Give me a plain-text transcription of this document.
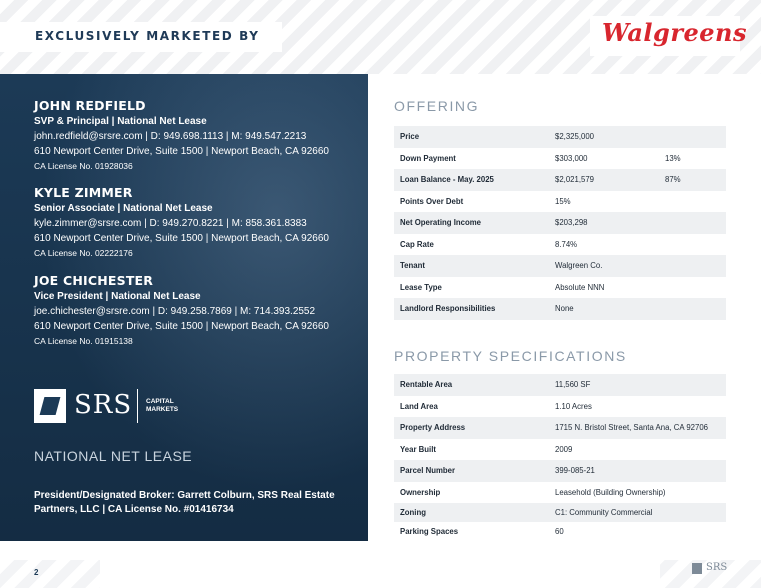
EXCLUSIVELY MARKETED BY	Walgreens
JOHN REDFIELD
SVP & Principal | National Net Lease
john.redfield@srsre.com | D: 949.698.1113 | M: 949.547.2213
610 Newport Center Drive, Suite 1500 | Newport Beach, CA 92660
CA License No. 01928036
KYLE ZIMMER
Senior Associate | National Net Lease
kyle.zimmer@srsre.com | D: 949.270.8221 | M: 858.361.8383
610 Newport Center Drive, Suite 1500 | Newport Beach, CA 92660
CA License No. 02222176
JOE CHICHESTER
Vice President | National Net Lease
joe.chichester@srsre.com | D: 949.258.7869 | M: 714.393.2552
610 Newport Center Drive, Suite 1500 | Newport Beach, CA 92660
CA License No. 01915138
SRS CAPITAL
MARKETS
NATIONAL NET LEASE
President/Designated Broker: Garrett Colburn, SRS Real Estate Partners, LLC | CA License No. #01416734
OFFERING
Price	$2,325,000
Down Payment	$303,000	13%
Loan Balance - May. 2025	$2,021,579	87%
Points Over Debt	15%
Net Operating Income	$203,298
Cap Rate	8.74%
Tenant	Walgreen Co.
Lease Type	Absolute NNN
Landlord Responsibilities	None
PROPERTY SPECIFICATIONS
Rentable Area	11,560 SF
Land Area	1.10 Acres
Property Address	1715 N. Bristol Street, Santa Ana, CA 92706
Year Built	2009
Parcel Number	399-085-21
Ownership	Leasehold (Building Ownership)
Zoning	C1: Community Commercial
Parking Spaces	60
2	SRS
